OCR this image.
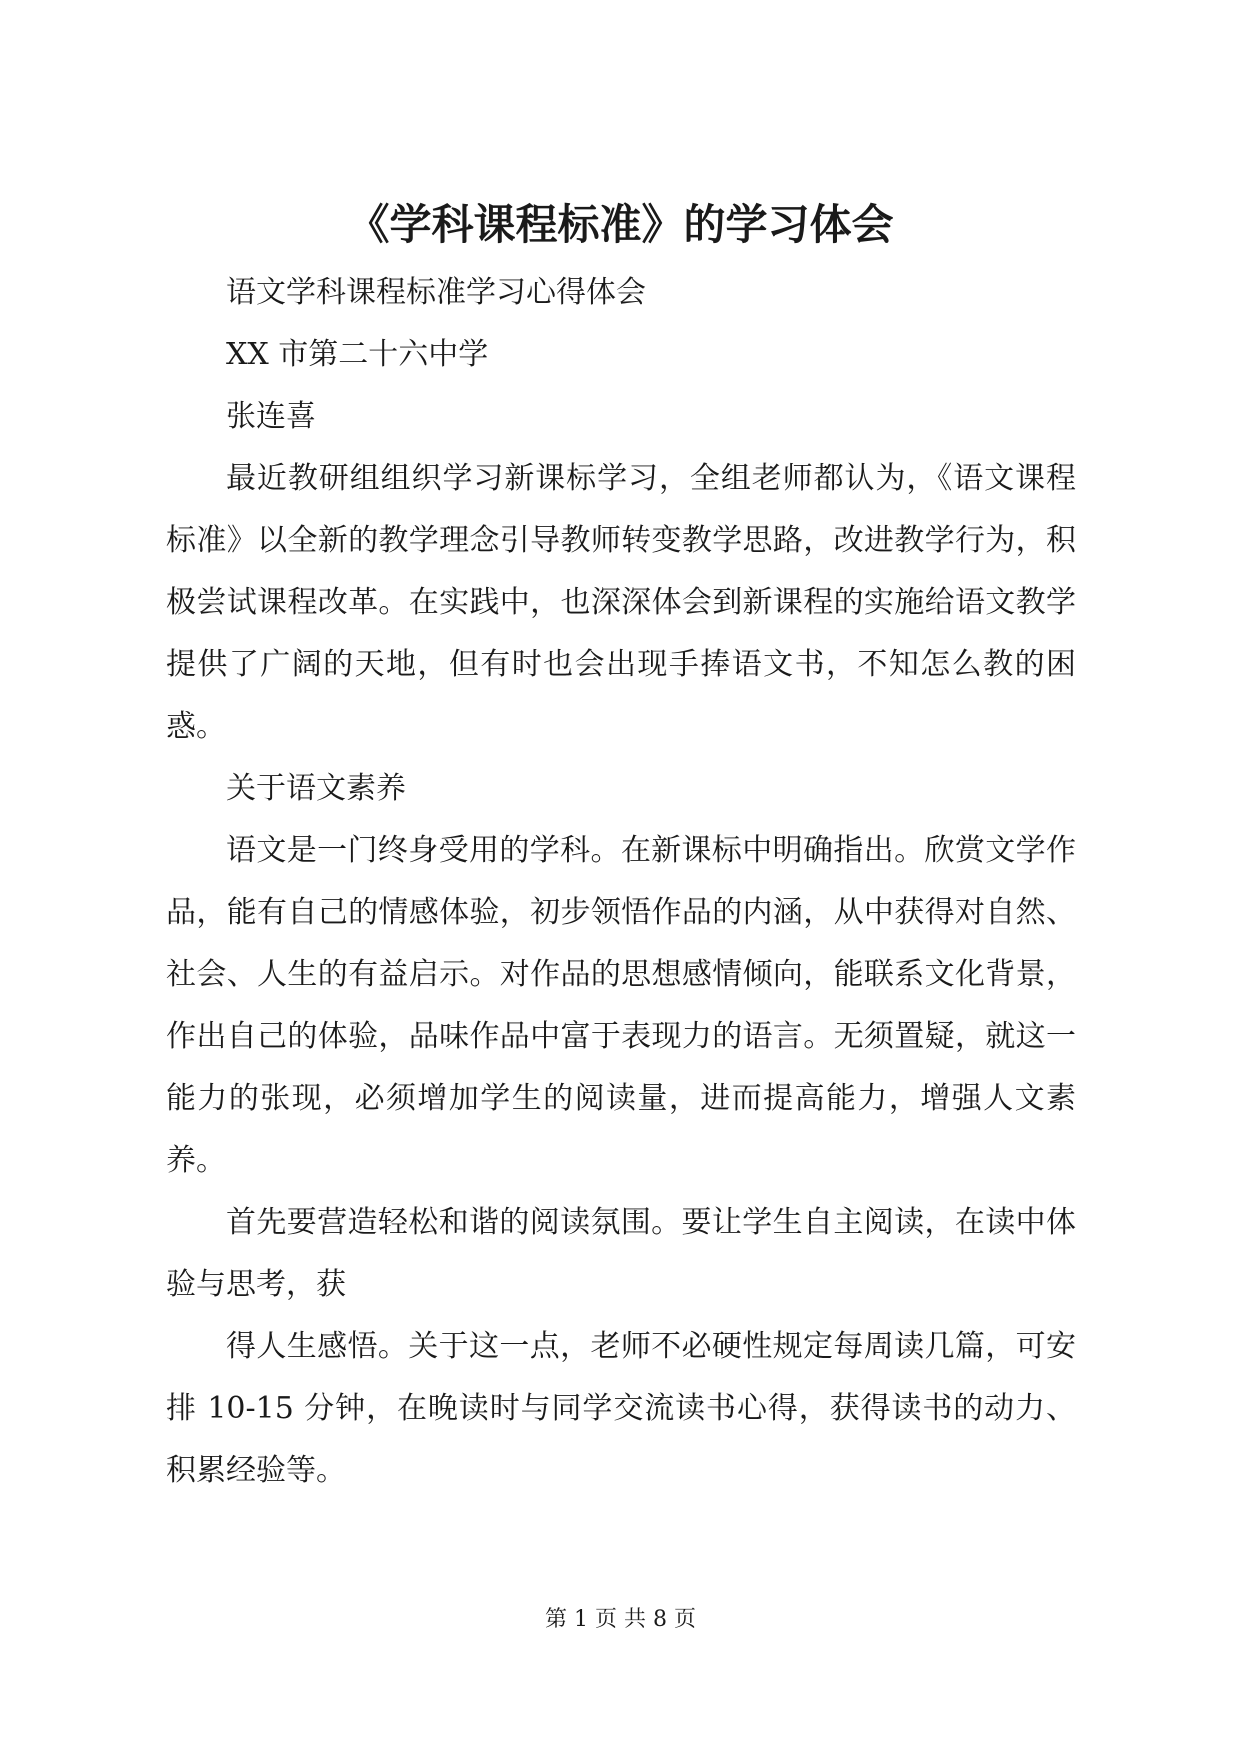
《学科课程标准》的学习体会

语文学科课程标准学习心得体会

XX 市第二十六中学

张连喜

最近教研组组织学习新课标学习，全组老师都认为，《语文课程标准》以全新的教学理念引导教师转变教学思路，改进教学行为，积极尝试课程改革。在实践中，也深深体会到新课程的实施给语文教学提供了广阔的天地，但有时也会出现手捧语文书，不知怎么教的困惑。

关于语文素养

语文是一门终身受用的学科。在新课标中明确指出。欣赏文学作品，能有自己的情感体验，初步领悟作品的内涵，从中获得对自然、社会、人生的有益启示。对作品的思想感情倾向，能联系文化背景，作出自己的体验，品味作品中富于表现力的语言。无须置疑，就这一能力的张现，必须增加学生的阅读量，进而提高能力，增强人文素养。

首先要营造轻松和谐的阅读氛围。要让学生自主阅读，在读中体验与思考，获

得人生感悟。关于这一点，老师不必硬性规定每周读几篇，可安排 10-15 分钟，在晚读时与同学交流读书心得，获得读书的动力、积累经验等。

第 1 页 共 8 页
